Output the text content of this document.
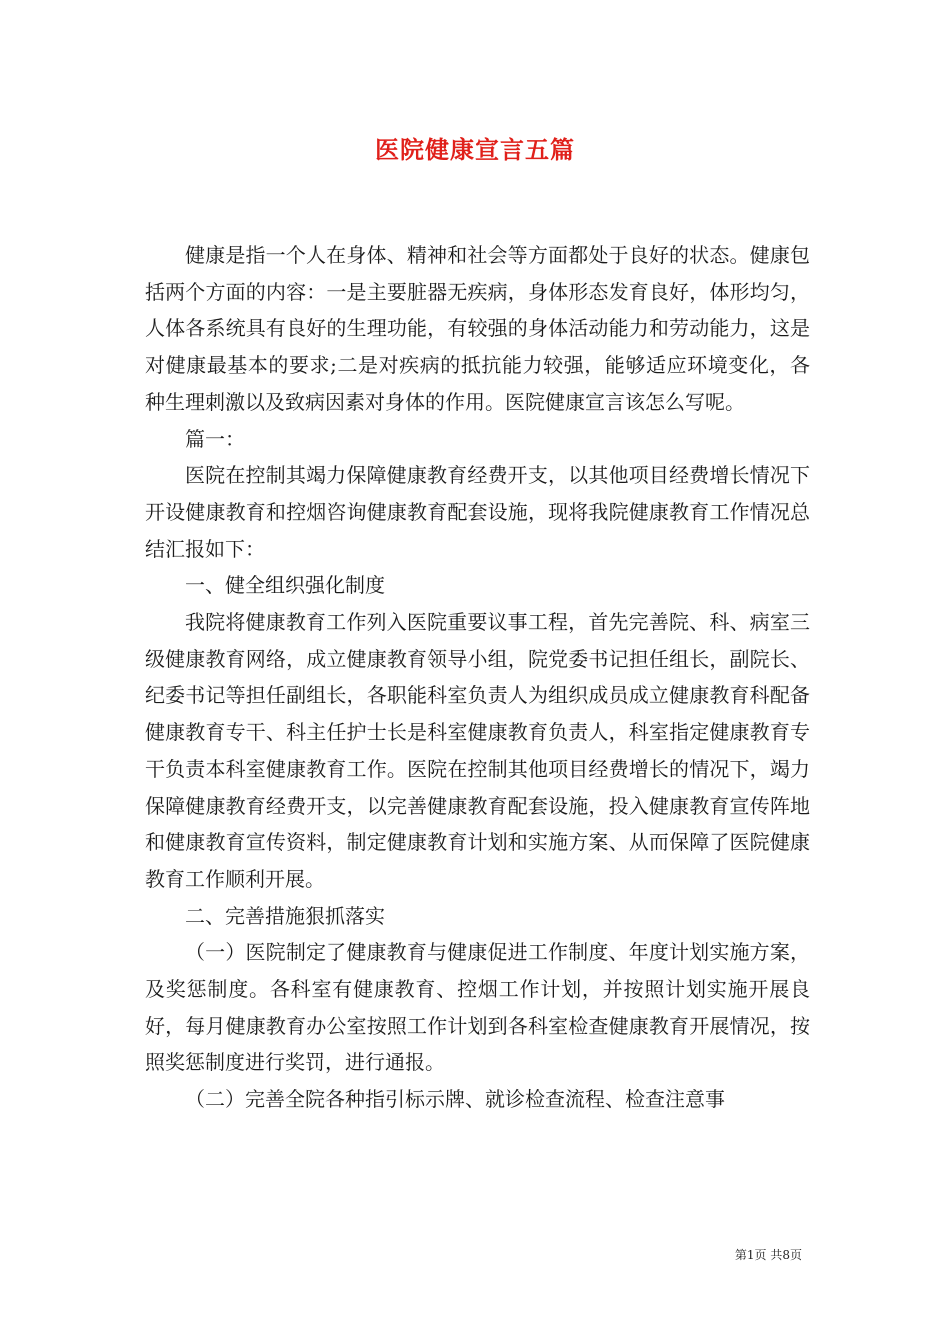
医院健康宣言五篇

健康是指一个人在身体、精神和社会等方面都处于良好的状态。健康包括两个方面的内容：一是主要脏器无疾病，身体形态发育良好，体形均匀，人体各系统具有良好的生理功能，有较强的身体活动能力和劳动能力，这是对健康最基本的要求;二是对疾病的抵抗能力较强，能够适应环境变化，各种生理刺激以及致病因素对身体的作用。医院健康宣言该怎么写呢。

篇一：

医院在控制其竭力保障健康教育经费开支，以其他项目经费增长情况下开设健康教育和控烟咨询健康教育配套设施，现将我院健康教育工作情况总结汇报如下：

一、健全组织强化制度

我院将健康教育工作列入医院重要议事工程，首先完善院、科、病室三级健康教育网络，成立健康教育领导小组，院党委书记担任组长，副院长、纪委书记等担任副组长，各职能科室负责人为组织成员成立健康教育科配备健康教育专干、科主任护士长是科室健康教育负责人，科室指定健康教育专干负责本科室健康教育工作。医院在控制其他项目经费增长的情况下，竭力保障健康教育经费开支，以完善健康教育配套设施，投入健康教育宣传阵地和健康教育宣传资料，制定健康教育计划和实施方案、从而保障了医院健康教育工作顺利开展。

二、完善措施狠抓落实

（一）医院制定了健康教育与健康促进工作制度、年度计划实施方案，及奖惩制度。各科室有健康教育、控烟工作计划，并按照计划实施开展良好，每月健康教育办公室按照工作计划到各科室检查健康教育开展情况，按照奖惩制度进行奖罚，进行通报。

（二）完善全院各种指引标示牌、就诊检查流程、检查注意事

第1页 共8页
